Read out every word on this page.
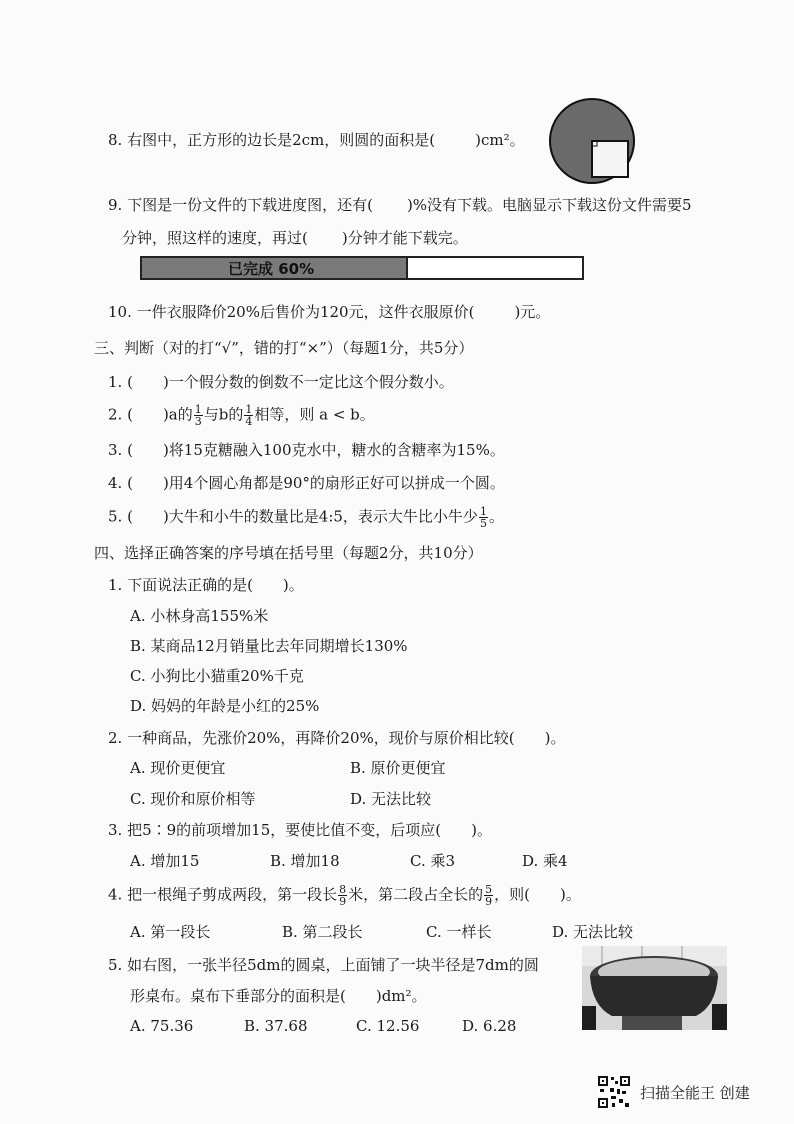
8. 右图中，正方形的边长是2cm，则圆的面积是(	)cm²。
9. 下图是一份文件的下载进度图，还有( )%没有下载。电脑显示下载这份文件需要5
分钟，照这样的速度，再过( )分钟才能下载完。
已完成 60%
10. 一件衣服降价20%后售价为120元，这件衣服原价(	)元。
三、判断（对的打“√”，错的打“×”）（每题1分，共5分）
1. ( )一个假分数的倒数不一定比这个假分数小。
2. ( )a的 $\frac{1}{3}$ 与b的 $\frac{1}{4}$ 相等，则 a < b。
3. ( )将15克糖融入100克水中，糖水的含糖率为15%。
4. ( )用4个圆心角都是90°的扇形正好可以拼成一个圆。
5. ( )大牛和小牛的数量比是4:5，表示大牛比小牛少 $\frac{1}{5}$ 。
四、选择正确答案的序号填在括号里（每题2分，共10分）
1. 下面说法正确的是(　　)。
A. 小林身高155%米
B. 某商品12月销量比去年同期增长130%
C. 小狗比小猫重20%千克
D. 妈妈的年龄是小红的25%
2. 一种商品，先涨价20%，再降价20%，现价与原价相比较(　　)。
A. 现价更便宜	B. 原价更便宜
C. 现价和原价相等	D. 无法比较
3. 把5∶9的前项增加15，要使比值不变，后项应(　　)。
A. 增加15	B. 增加18	C. 乘3	D. 乘4
4. 把一根绳子剪成两段，第一段长 $\frac{8}{9}$ 米，第二段占全长的 $\frac{5}{9}$ ，则(　　)。
A. 第一段长	B. 第二段长	C. 一样长	D. 无法比较
5. 如右图，一张半径5dm的圆桌，上面铺了一块半径是7dm的圆
形桌布。桌布下垂部分的面积是(　　)dm²。
A. 75.36	B. 37.68	C. 12.56	D. 6.28
扫描全能王 创建
